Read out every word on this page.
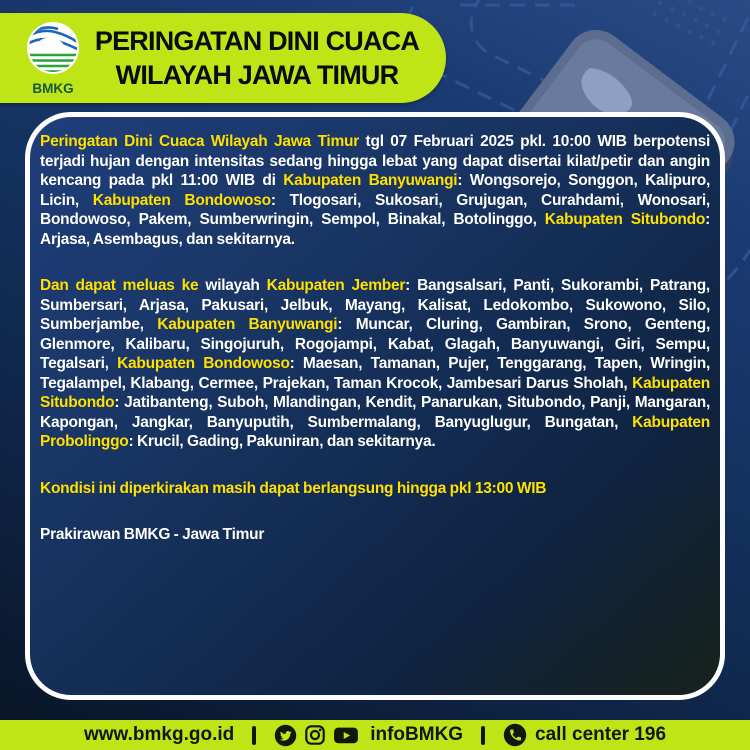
BMKG
PERINGATAN DINI CUACA
WILAYAH JAWA TIMUR

Peringatan Dini Cuaca Wilayah Jawa Timur tgl 07 Februari 2025 pkl. 10:00 WIB berpotensi terjadi hujan dengan intensitas sedang hingga lebat yang dapat disertai kilat/petir dan angin kencang pada pkl 11:00 WIB di Kabupaten Banyuwangi: Wongsorejo, Songgon, Kalipuro, Licin, Kabupaten Bondowoso: Tlogosari, Sukosari, Grujugan, Curahdami, Wonosari, Bondowoso, Pakem, Sumberwringin, Sempol, Binakal, Botolinggo, Kabupaten Situbondo: Arjasa, Asembagus, dan sekitarnya.

Dan dapat meluas ke wilayah Kabupaten Jember: Bangsalsari, Panti, Sukorambi, Patrang, Sumbersari, Arjasa, Pakusari, Jelbuk, Mayang, Kalisat, Ledokombo, Sukowono, Silo, Sumberjambe, Kabupaten Banyuwangi: Muncar, Cluring, Gambiran, Srono, Genteng, Glenmore, Kalibaru, Singojuruh, Rogojampi, Kabat, Glagah, Banyuwangi, Giri, Sempu, Tegalsari, Kabupaten Bondowoso: Maesan, Tamanan, Pujer, Tenggarang, Tapen, Wringin, Tegalampel, Klabang, Cermee, Prajekan, Taman Krocok, Jambesari Darus Sholah, Kabupaten Situbondo: Jatibanteng, Suboh, Mlandingan, Kendit, Panarukan, Situbondo, Panji, Mangaran, Kapongan, Jangkar, Banyuputih, Sumbermalang, Banyuglugur, Bungatan, Kabupaten Probolinggo: Krucil, Gading, Pakuniran, dan sekitarnya.

Kondisi ini diperkirakan masih dapat berlangsung hingga pkl 13:00 WIB

Prakirawan BMKG - Jawa Timur

www.bmkg.go.id	infoBMKG	call center 196
